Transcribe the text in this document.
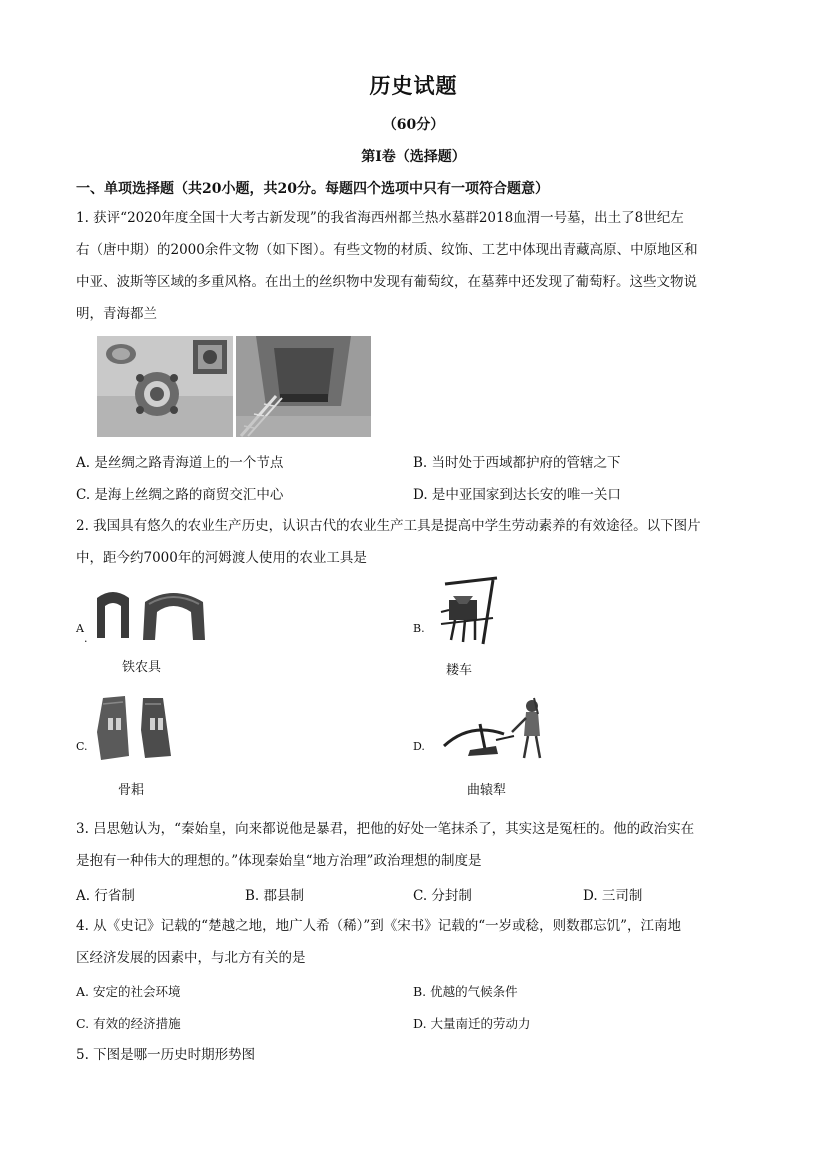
历史试题
（60分）
第Ⅰ卷（选择题）
一、单项选择题（共20小题，共20分。每题四个选项中只有一项符合题意）
1. 获评“2020年度全国十大考古新发现”的我省海西州都兰热水墓群2018血渭一号墓，出土了8世纪左
右（唐中期）的2000余件文物（如下图）。有些文物的材质、纹饰、工艺中体现出青藏高原、中原地区和
中亚、波斯等区域的多重风格。在出土的丝织物中发现有葡萄纹，在墓葬中还发现了葡萄籽。这些文物说
明，青海都兰
A. 是丝绸之路青海道上的一个节点	B. 当时处于西域都护府的管辖之下
C. 是海上丝绸之路的商贸交汇中心	D. 是中亚国家到达长安的唯一关口
2. 我国具有悠久的农业生产历史，认识古代的农业生产工具是提高中学生劳动素养的有效途径。以下图片
中，距今约7000年的河姆渡人使用的农业工具是
A
.
铁农具
B.
耧车
C.
骨耜
D.
曲辕犁
3. 吕思勉认为，“秦始皇，向来都说他是暴君，把他的好处一笔抹杀了，其实这是冤枉的。他的政治实在
是抱有一种伟大的理想的。”体现秦始皇“地方治理”政治理想的制度是
A. 行省制	B. 郡县制	C. 分封制	D. 三司制
4. 从《史记》记载的“楚越之地，地广人希（稀）”到《宋书》记载的“一岁或稔，则数郡忘饥”，江南地
区经济发展的因素中，与北方有关的是
A. 安定的社会环境	B. 优越的气候条件
C. 有效的经济措施	D. 大量南迁的劳动力
5. 下图是哪一历史时期形势图
